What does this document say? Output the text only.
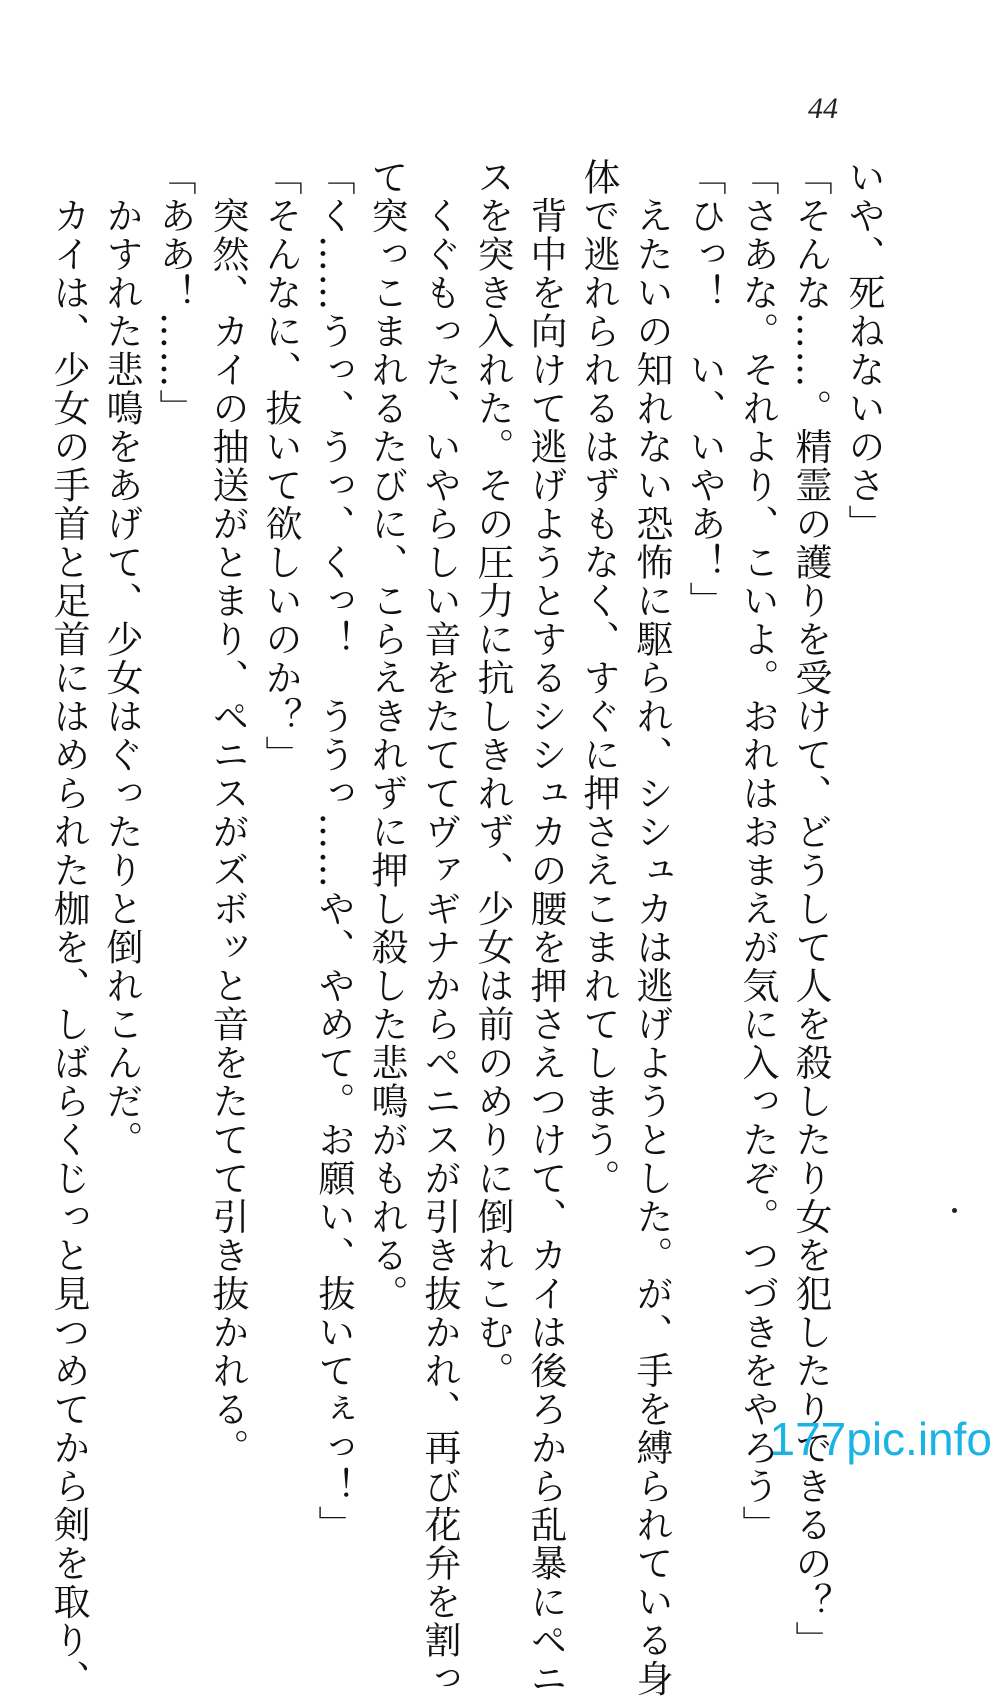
44

いや、死ねないのさ」

「そんな……。精霊の護りを受けて、どうして人を殺したり女を犯したりできるの？」

「さあな。それより、こいよ。おれはおまえが気に入ったぞ。つづきをやろう」

「ひっ！　い、いやあ！」

　えたいの知れない恐怖に駆られ、シシュカは逃げようとした。が、手を縛られている身

体で逃れられるはずもなく、すぐに押さえこまれてしまう。

　背中を向けて逃げようとするシシュカの腰を押さえつけて、カイは後ろから乱暴にペニ

スを突き入れた。その圧力に抗しきれず、少女は前のめりに倒れこむ。

　くぐもった、いやらしい音をたててヴァギナからペニスが引き抜かれ、再び花弁を割っ

て突っこまれるたびに、こらえきれずに押し殺した悲鳴がもれる。

「く……うっ、うっ、くっ！　ううっ……や、やめて。お願い、抜いてぇっ！」

「そんなに、抜いて欲しいのか？」

　突然、カイの抽送がとまり、ペニスがズボッと音をたてて引き抜かれる。

「ああ！……」

　かすれた悲鳴をあげて、少女はぐったりと倒れこんだ。

　カイは、少女の手首と足首にはめられた枷を、しばらくじっと見つめてから剣を取り、	177pic.info
